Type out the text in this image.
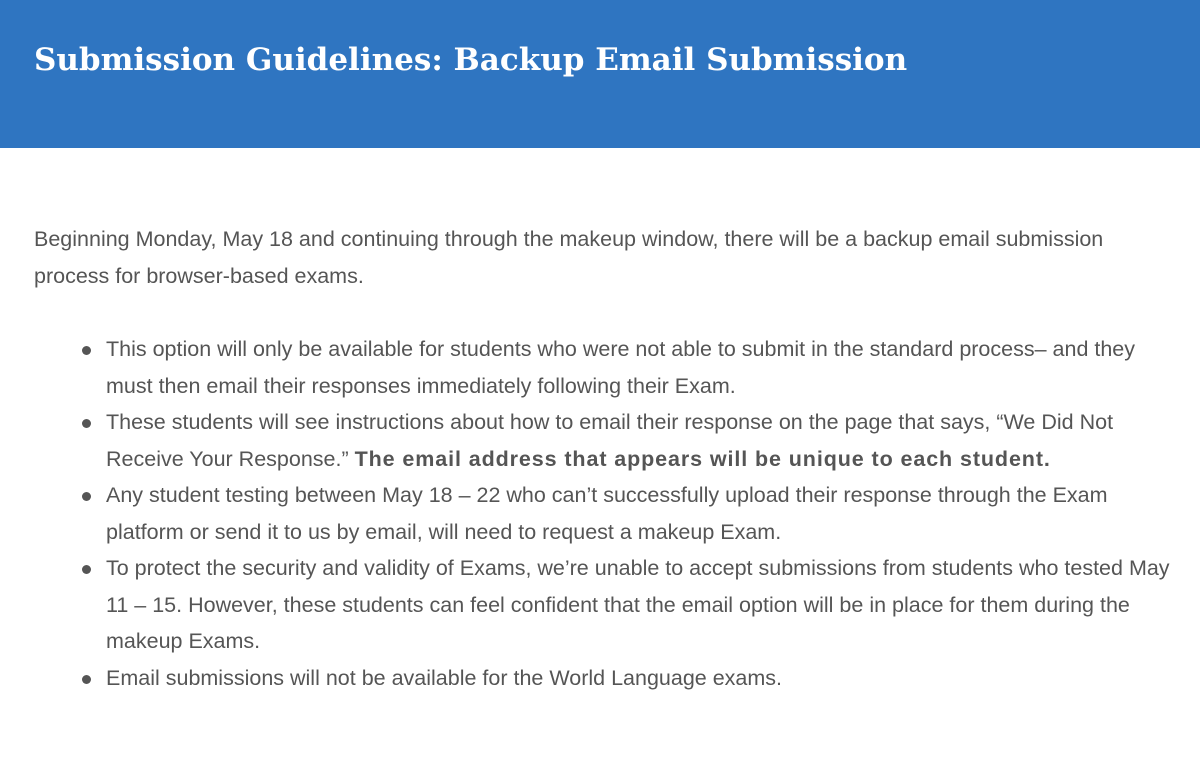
Submission Guidelines: Backup Email Submission

Beginning Monday, May 18 and continuing through the makeup window, there will be a backup email submission process for browser-based exams.

This option will only be available for students who were not able to submit in the standard process– and they must then email their responses immediately following their Exam.
These students will see instructions about how to email their response on the page that says, “We Did Not Receive Your Response.” The email address that appears will be unique to each student.
Any student testing between May 18 – 22 who can’t successfully upload their response through the Exam platform or send it to us by email, will need to request a makeup Exam.
To protect the security and validity of Exams, we’re unable to accept submissions from students who tested May 11 – 15. However, these students can feel confident that the email option will be in place for them during the makeup Exams.
Email submissions will not be available for the World Language exams.
